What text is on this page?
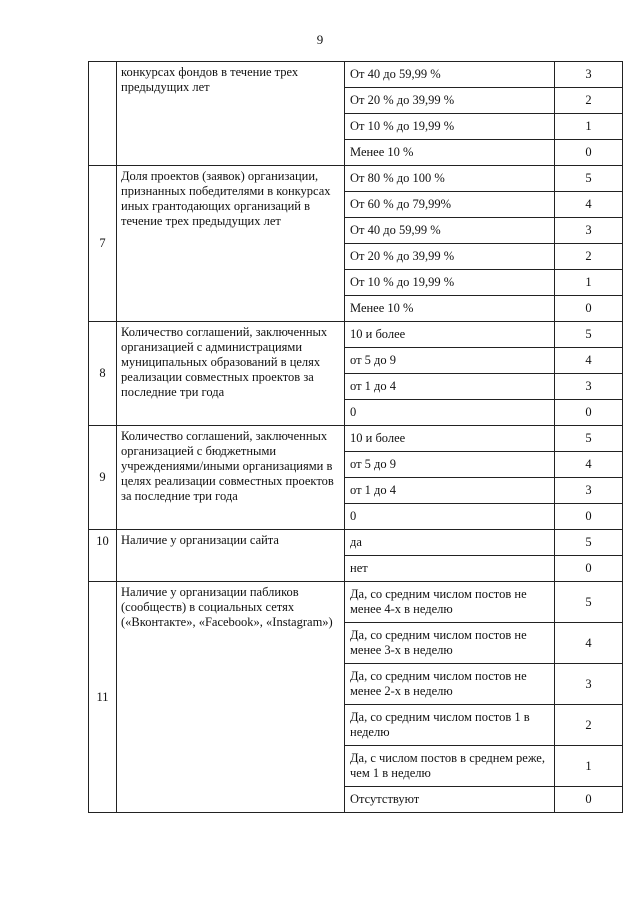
9
	конкурсах фондов в течение трех предыдущих лет	От 40 до 59,99 %	3
		От 20 % до 39,99 %	2
		От 10 % до 19,99 %	1
		Менее 10 %	0
7	Доля проектов (заявок) организации, признанных победителями в конкурсах иных грантодающих организаций в течение трех предыдущих лет	От 80 % до 100 %	5
		От 60 % до 79,99%	4
		От 40 до 59,99 %	3
		От 20 % до 39,99 %	2
		От 10 % до 19,99 %	1
		Менее 10 %	0
8	Количество соглашений, заключенных организацией с администрациями муниципальных образований в целях реализации совместных проектов за последние три года	10 и более	5
		от 5 до 9	4
		от 1 до 4	3
		0	0
9	Количество соглашений, заключенных организацией с бюджетными учреждениями/иными организациями в целях реализации совместных проектов за последние три года	10 и более	5
		от 5 до 9	4
		от 1 до 4	3
		0	0
10	Наличие у организации сайта	да	5
		нет	0
11	Наличие у организации пабликов (сообществ) в социальных сетях («Вконтакте», «Facebook», «Instagram»)	Да, со средним числом постов не менее 4-х в неделю	5
		Да, со средним числом постов не менее 3-х в неделю	4
		Да, со средним числом постов не менее 2-х в неделю	3
		Да, со средним числом постов 1 в неделю	2
		Да, с числом постов в среднем реже, чем 1 в неделю	1
		Отсутствуют	0
